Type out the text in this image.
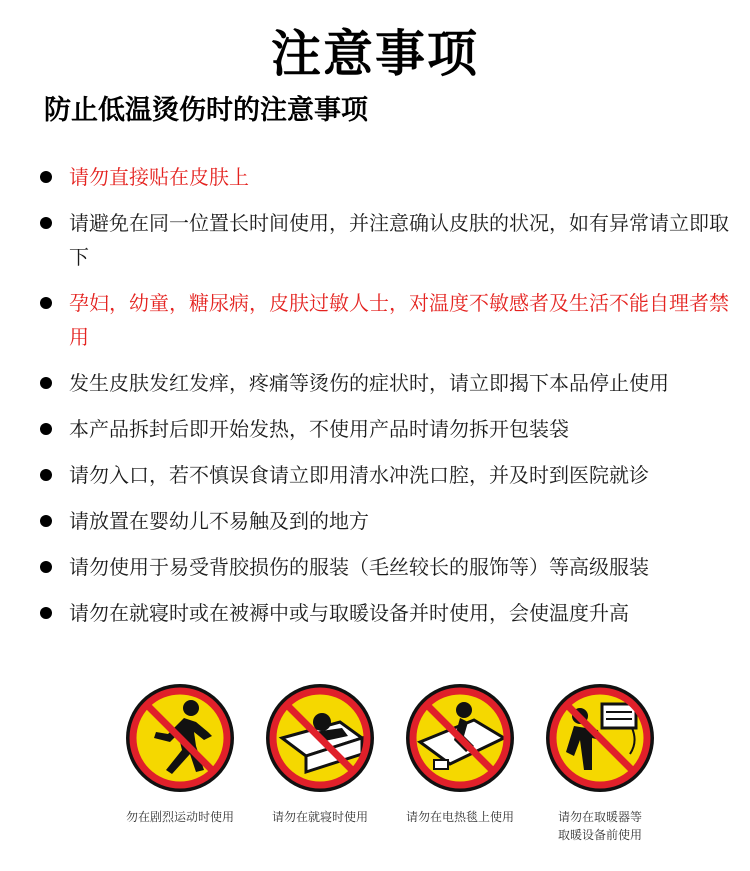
注意事项
防止低温烫伤时的注意事项
请勿直接贴在皮肤上
请避免在同一位置长时间使用，并注意确认皮肤的状况，如有异常请立即取下
孕妇，幼童，糖尿病，皮肤过敏人士，对温度不敏感者及生活不能自理者禁用
发生皮肤发红发痒，疼痛等烫伤的症状时，请立即揭下本品停止使用
本产品拆封后即开始发热，不使用产品时请勿拆开包装袋
请勿入口，若不慎误食请立即用清水冲洗口腔，并及时到医院就诊
请放置在婴幼儿不易触及到的地方
请勿使用于易受背胶损伤的服装（毛丝较长的服饰等）等高级服装
请勿在就寝时或在被褥中或与取暖设备并时使用，会使温度升高
勿在剧烈运动时使用	请勿在就寝时使用	请勿在电热毯上使用	请勿在取暖器等
取暖设备前使用
